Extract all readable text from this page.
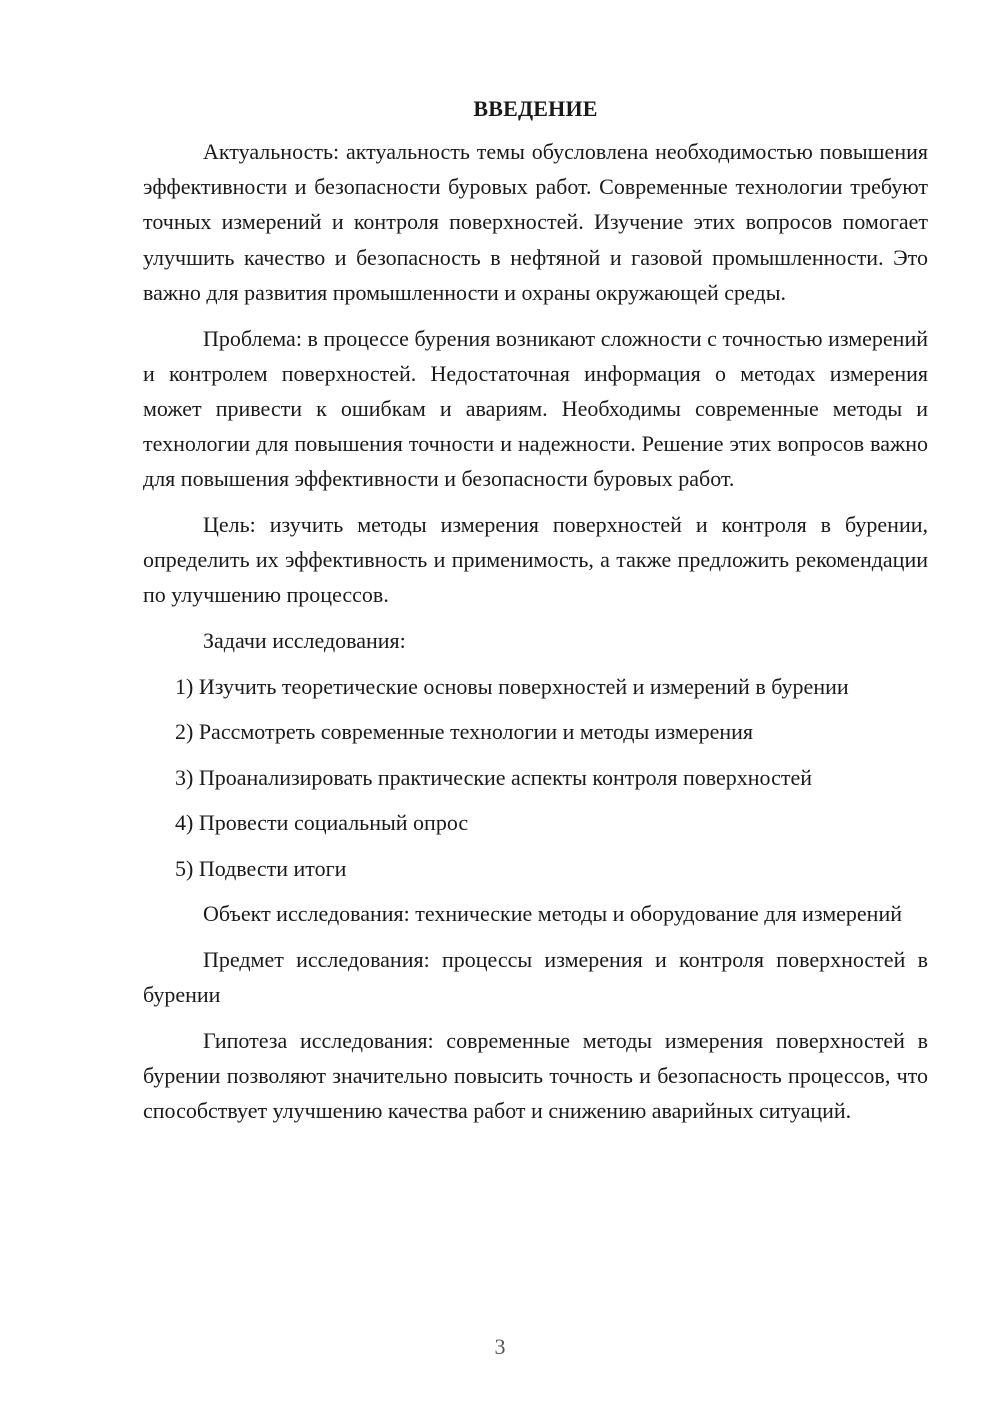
ВВЕДЕНИЕ

Актуальность: актуальность темы обусловлена необходимостью повышения эффективности и безопасности буровых работ. Современные технологии требуют точных измерений и контроля поверхностей. Изучение этих вопросов помогает улучшить качество и безопасность в нефтяной и газовой промышленности. Это важно для развития промышленности и охраны окружающей среды.

Проблема: в процессе бурения возникают сложности с точностью измерений и контролем поверхностей. Недостаточная информация о методах измерения может привести к ошибкам и авариям. Необходимы современные методы и технологии для повышения точности и надежности. Решение этих вопросов важно для повышения эффективности и безопасности буровых работ.

Цель: изучить методы измерения поверхностей и контроля в бурении, определить их эффективность и применимость, а также предложить рекомендации по улучшению процессов.

Задачи исследования:

1) Изучить теоретические основы поверхностей и измерений в бурении

2) Рассмотреть современные технологии и методы измерения

3) Проанализировать практические аспекты контроля поверхностей

4) Провести социальный опрос

5) Подвести итоги

Объект исследования: технические методы и оборудование для измерений

Предмет исследования: процессы измерения и контроля поверхностей в бурении

Гипотеза исследования: современные методы измерения поверхностей в бурении позволяют значительно повысить точность и безопасность процессов, что способствует улучшению качества работ и снижению аварийных ситуаций.

3
